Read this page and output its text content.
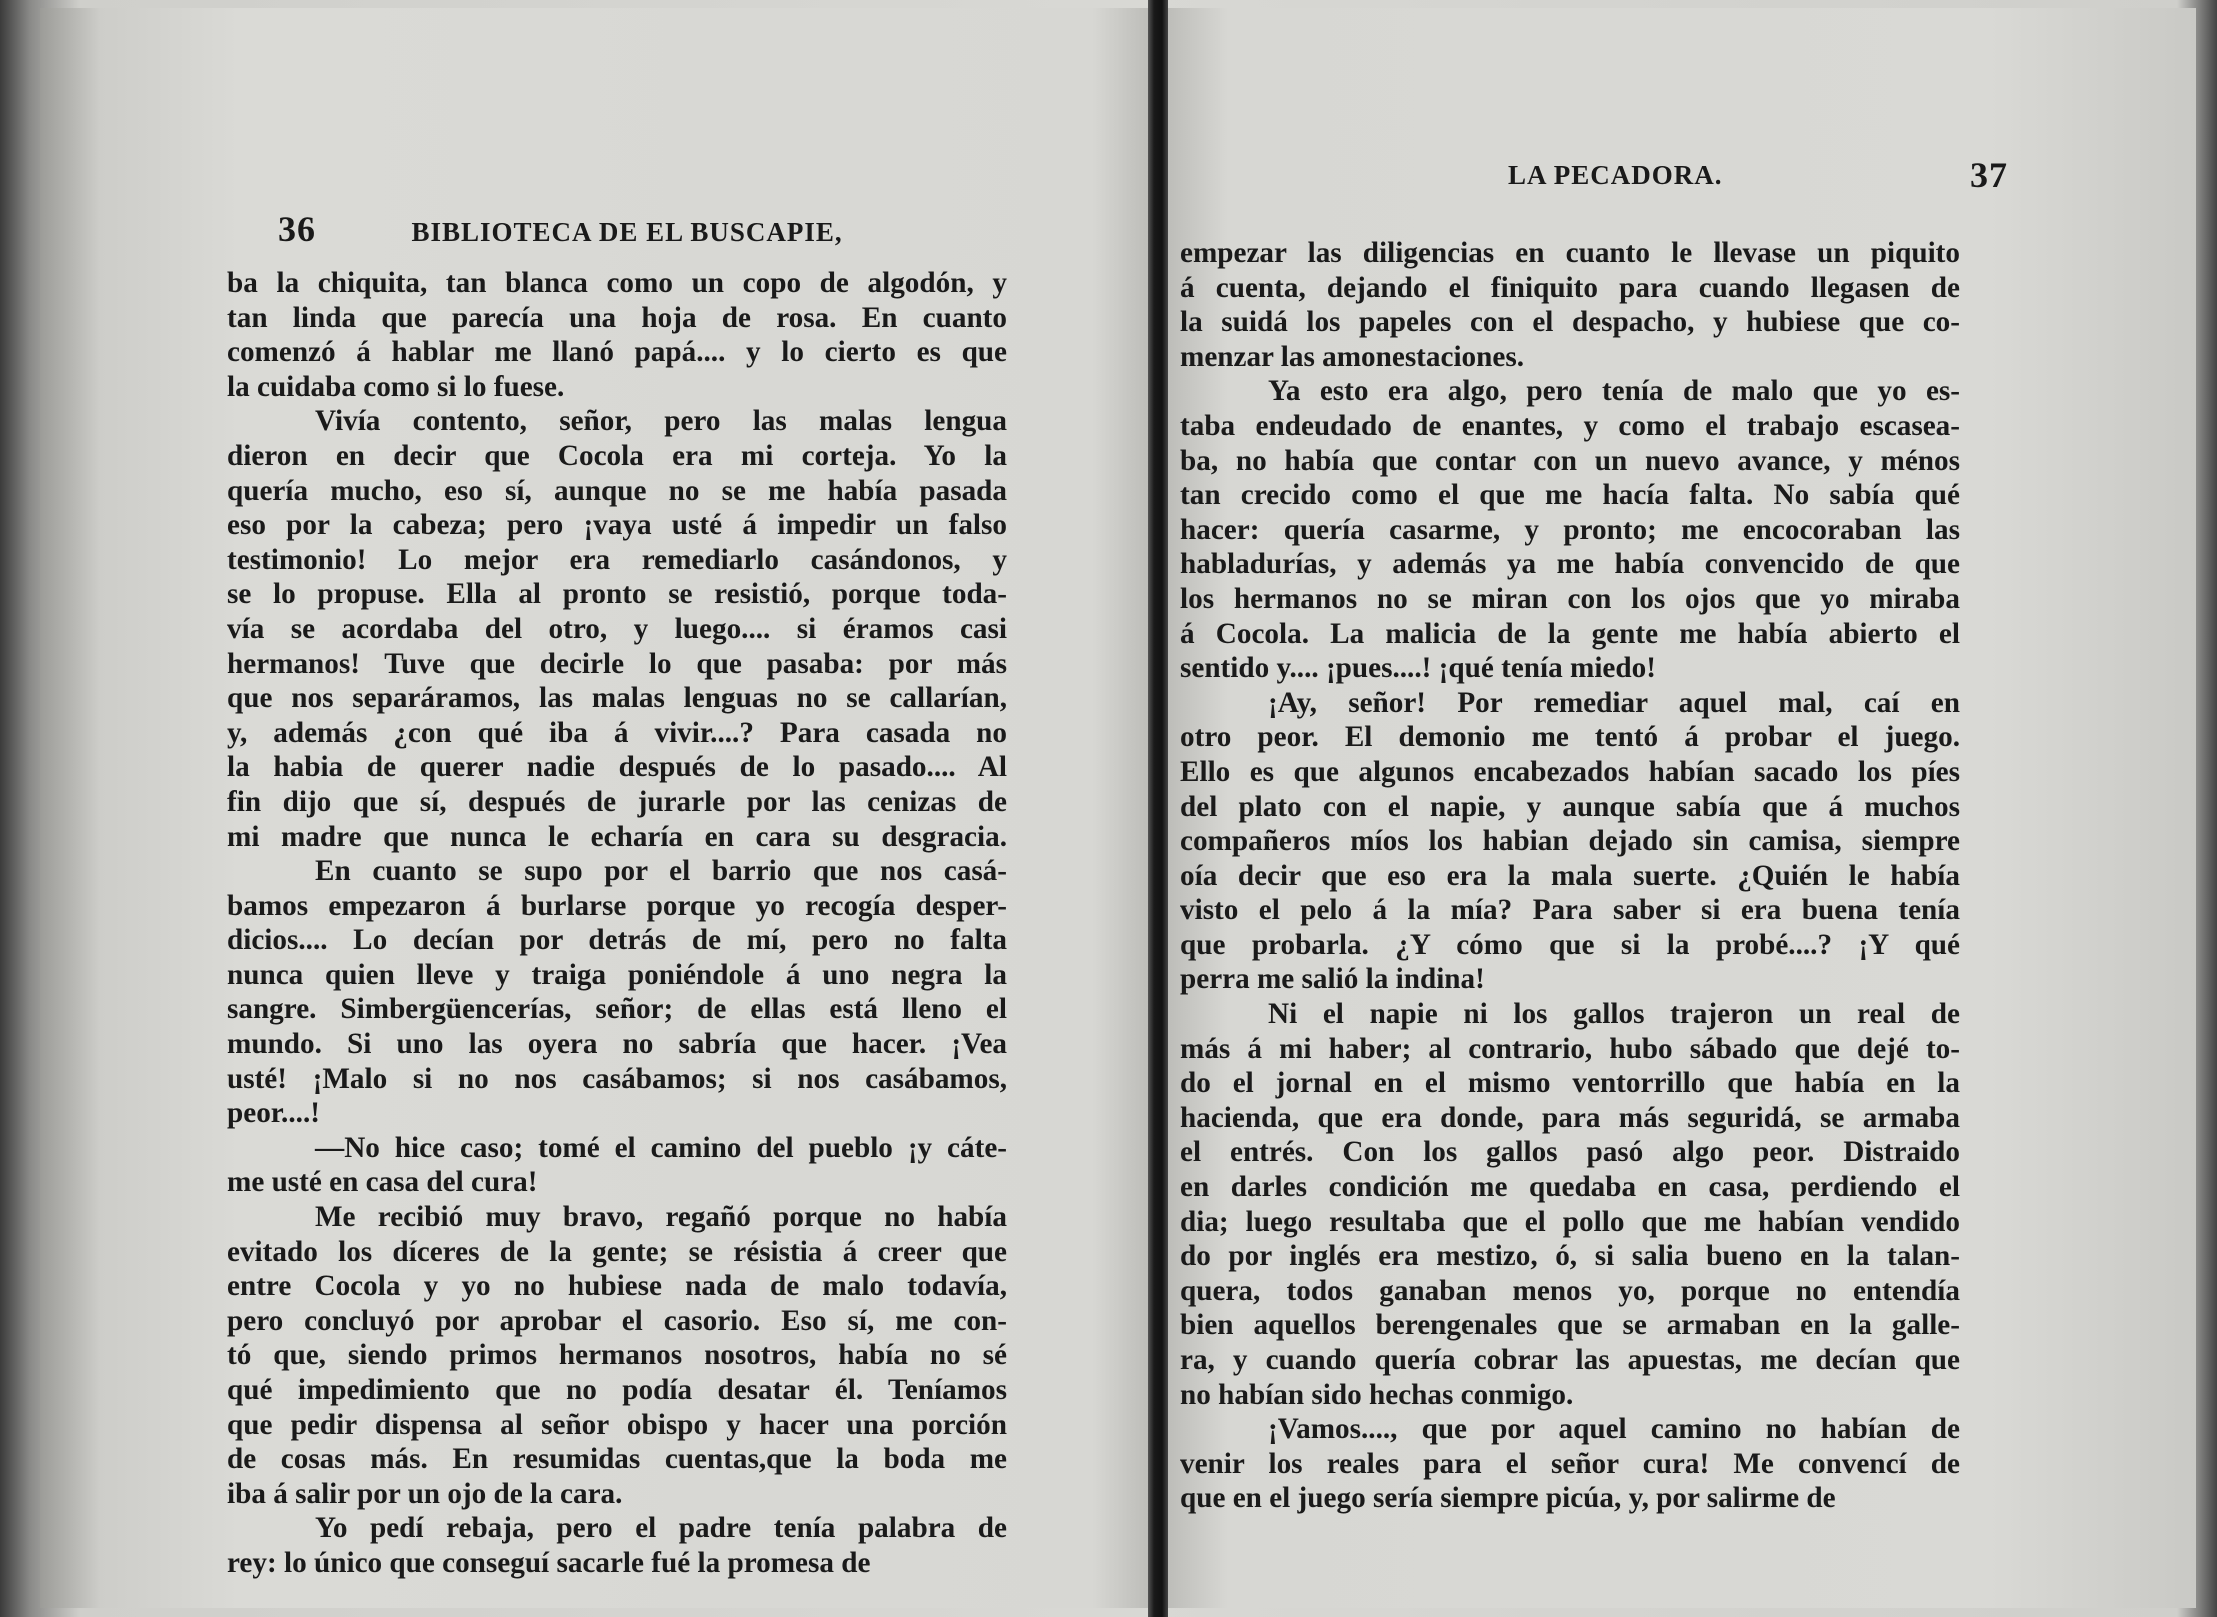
36	BIBLIOTECA DE EL BUSCAPIE,
ba la chiquita, tan blanca como un copo de algodón, y
tan linda que parecía una hoja de rosa. En cuanto
comenzó á hablar me llanó papá.... y lo cierto es que
la cuidaba como si lo fuese.
Vivía contento, señor, pero las malas lengua
dieron en decir que Cocola era mi corteja. Yo la
quería mucho, eso sí, aunque no se me había pasada
eso por la cabeza; pero ¡vaya usté á impedir un falso
testimonio! Lo mejor era remediarlo casándonos, y
se lo propuse. Ella al pronto se resistió, porque toda-
vía se acordaba del otro, y luego.... si éramos casi
hermanos! Tuve que decirle lo que pasaba: por más
que nos separáramos, las malas lenguas no se callarían,
y, además ¿con qué iba á vivir....? Para casada no
la habia de querer nadie después de lo pasado.... Al
fin dijo que sí, después de jurarle por las cenizas de
mi madre que nunca le echaría en cara su desgracia.
En cuanto se supo por el barrio que nos casá-
bamos empezaron á burlarse porque yo recogía desper-
dicios.... Lo decían por detrás de mí, pero no falta
nunca quien lleve y traiga poniéndole á uno negra la
sangre. Simbergüencerías, señor; de ellas está lleno el
mundo. Si uno las oyera no sabría que hacer. ¡Vea
usté! ¡Malo si no nos casábamos; si nos casábamos,
peor....!
—No hice caso; tomé el camino del pueblo ¡y cáte-
me usté en casa del cura!
Me recibió muy bravo, regañó porque no había
evitado los díceres de la gente; se résistia á creer que
entre Cocola y yo no hubiese nada de malo todavía,
pero concluyó por aprobar el casorio. Eso sí, me con-
tó que, siendo primos hermanos nosotros, había no sé
qué impedimiento que no podía desatar él. Teníamos
que pedir dispensa al señor obispo y hacer una porción
de cosas más. En resumidas cuentas,que la boda me
iba á salir por un ojo de la cara.
Yo pedí rebaja, pero el padre tenía palabra de
rey: lo único que conseguí sacarle fué la promesa de
LA PECADORA.	37
empezar las diligencias en cuanto le llevase un piquito
á cuenta, dejando el finiquito para cuando llegasen de
la suidá los papeles con el despacho, y hubiese que co-
menzar las amonestaciones.
Ya esto era algo, pero tenía de malo que yo es-
taba endeudado de enantes, y como el trabajo escasea-
ba, no había que contar con un nuevo avance, y ménos
tan crecido como el que me hacía falta. No sabía qué
hacer: quería casarme, y pronto; me encocoraban las
habladurías, y además ya me había convencido de que
los hermanos no se miran con los ojos que yo miraba
á Cocola. La malicia de la gente me había abierto el
sentido y.... ¡pues....! ¡qué tenía miedo!
¡Ay, señor! Por remediar aquel mal, caí en
otro peor. El demonio me tentó á probar el juego.
Ello es que algunos encabezados habían sacado los píes
del plato con el napie, y aunque sabía que á muchos
compañeros míos los habian dejado sin camisa, siempre
oía decir que eso era la mala suerte. ¿Quién le había
visto el pelo á la mía? Para saber si era buena tenía
que probarla. ¿Y cómo que si la probé....? ¡Y qué
perra me salió la indina!
Ni el napie ni los gallos trajeron un real de
más á mi haber; al contrario, hubo sábado que dejé to-
do el jornal en el mismo ventorrillo que había en la
hacienda, que era donde, para más seguridá, se armaba
el entrés. Con los gallos pasó algo peor. Distraido
en darles condición me quedaba en casa, perdiendo el
dia; luego resultaba que el pollo que me habían vendido
do por inglés era mestizo, ó, si salia bueno en la talan-
quera, todos ganaban menos yo, porque no entendía
bien aquellos berengenales que se armaban en la galle-
ra, y cuando quería cobrar las apuestas, me decían que
no habían sido hechas conmigo.
¡Vamos...., que por aquel camino no habían de
venir los reales para el señor cura! Me convencí de
que en el juego sería siempre picúa, y, por salirme de
